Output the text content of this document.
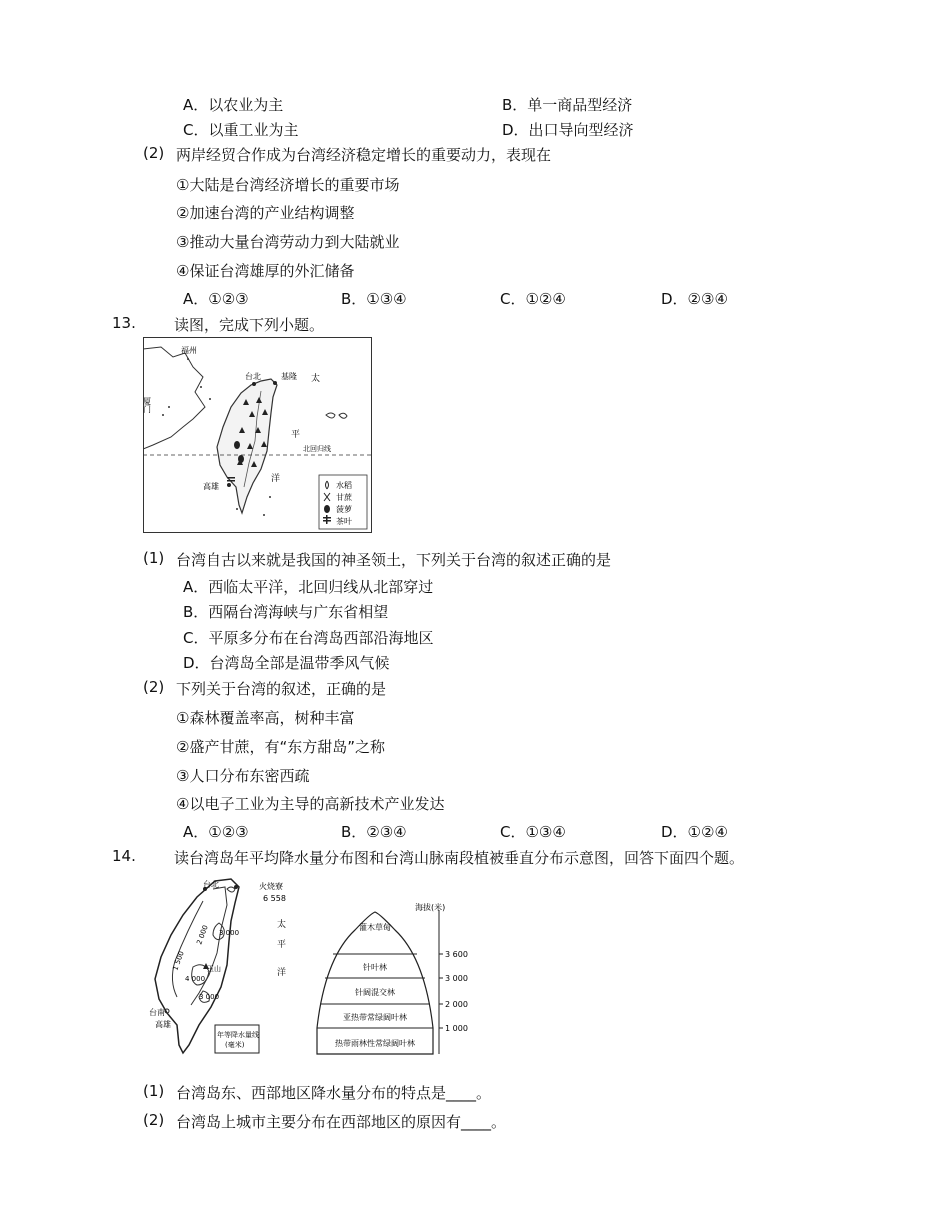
A．以农业为主	B．单一商品型经济
C．以重工业为主	D．出口导向型经济
(2) 两岸经贸合作成为台湾经济稳定增长的重要动力，表现在
①大陆是台湾经济增长的重要市场
②加速台湾的产业结构调整
③推动大量台湾劳动力到大陆就业
④保证台湾雄厚的外汇储备
A．①②③	B．①③④	C．①②④	D．②③④
13.	读图，完成下列小题。
福州
厦门
台北	基隆 太
平
北回归线
洋
高雄	水稻
甘蔗
菠萝
茶叶
(1) 台湾自古以来就是我国的神圣领土，下列关于台湾的叙述正确的是
A．西临太平洋，北回归线从北部穿过
B．西隔台湾海峡与广东省相望
C．平原多分布在台湾岛西部沿海地区
D．台湾岛全部是温带季风气候
(2) 下列关于台湾的叙述，正确的是
①森林覆盖率高，树种丰富
②盛产甘蔗，有“东方甜岛”之称
③人口分布东密西疏
④以电子工业为主导的高新技术产业发达
A．①②③	B．②③④	C．①③④	D．①②④
14.	读台湾岛年平均降水量分布图和台湾山脉南段植被垂直分布示意图，回答下面四个题。
台北	火烧寮
6 558
太
平
洋
3 000
2 000
1 500
4 000
3 000
台南
玉山
高雄
年等降水量线
(毫米)
灌木草甸
针叶林
针阔混交林
亚热带常绿阔叶林
热带雨林性常绿阔叶林
海拔(米)
3 600
3 000
2 000
1 000
(1) 台湾岛东、西部地区降水量分布的特点是____。
(2) 台湾岛上城市主要分布在西部地区的原因有____。
